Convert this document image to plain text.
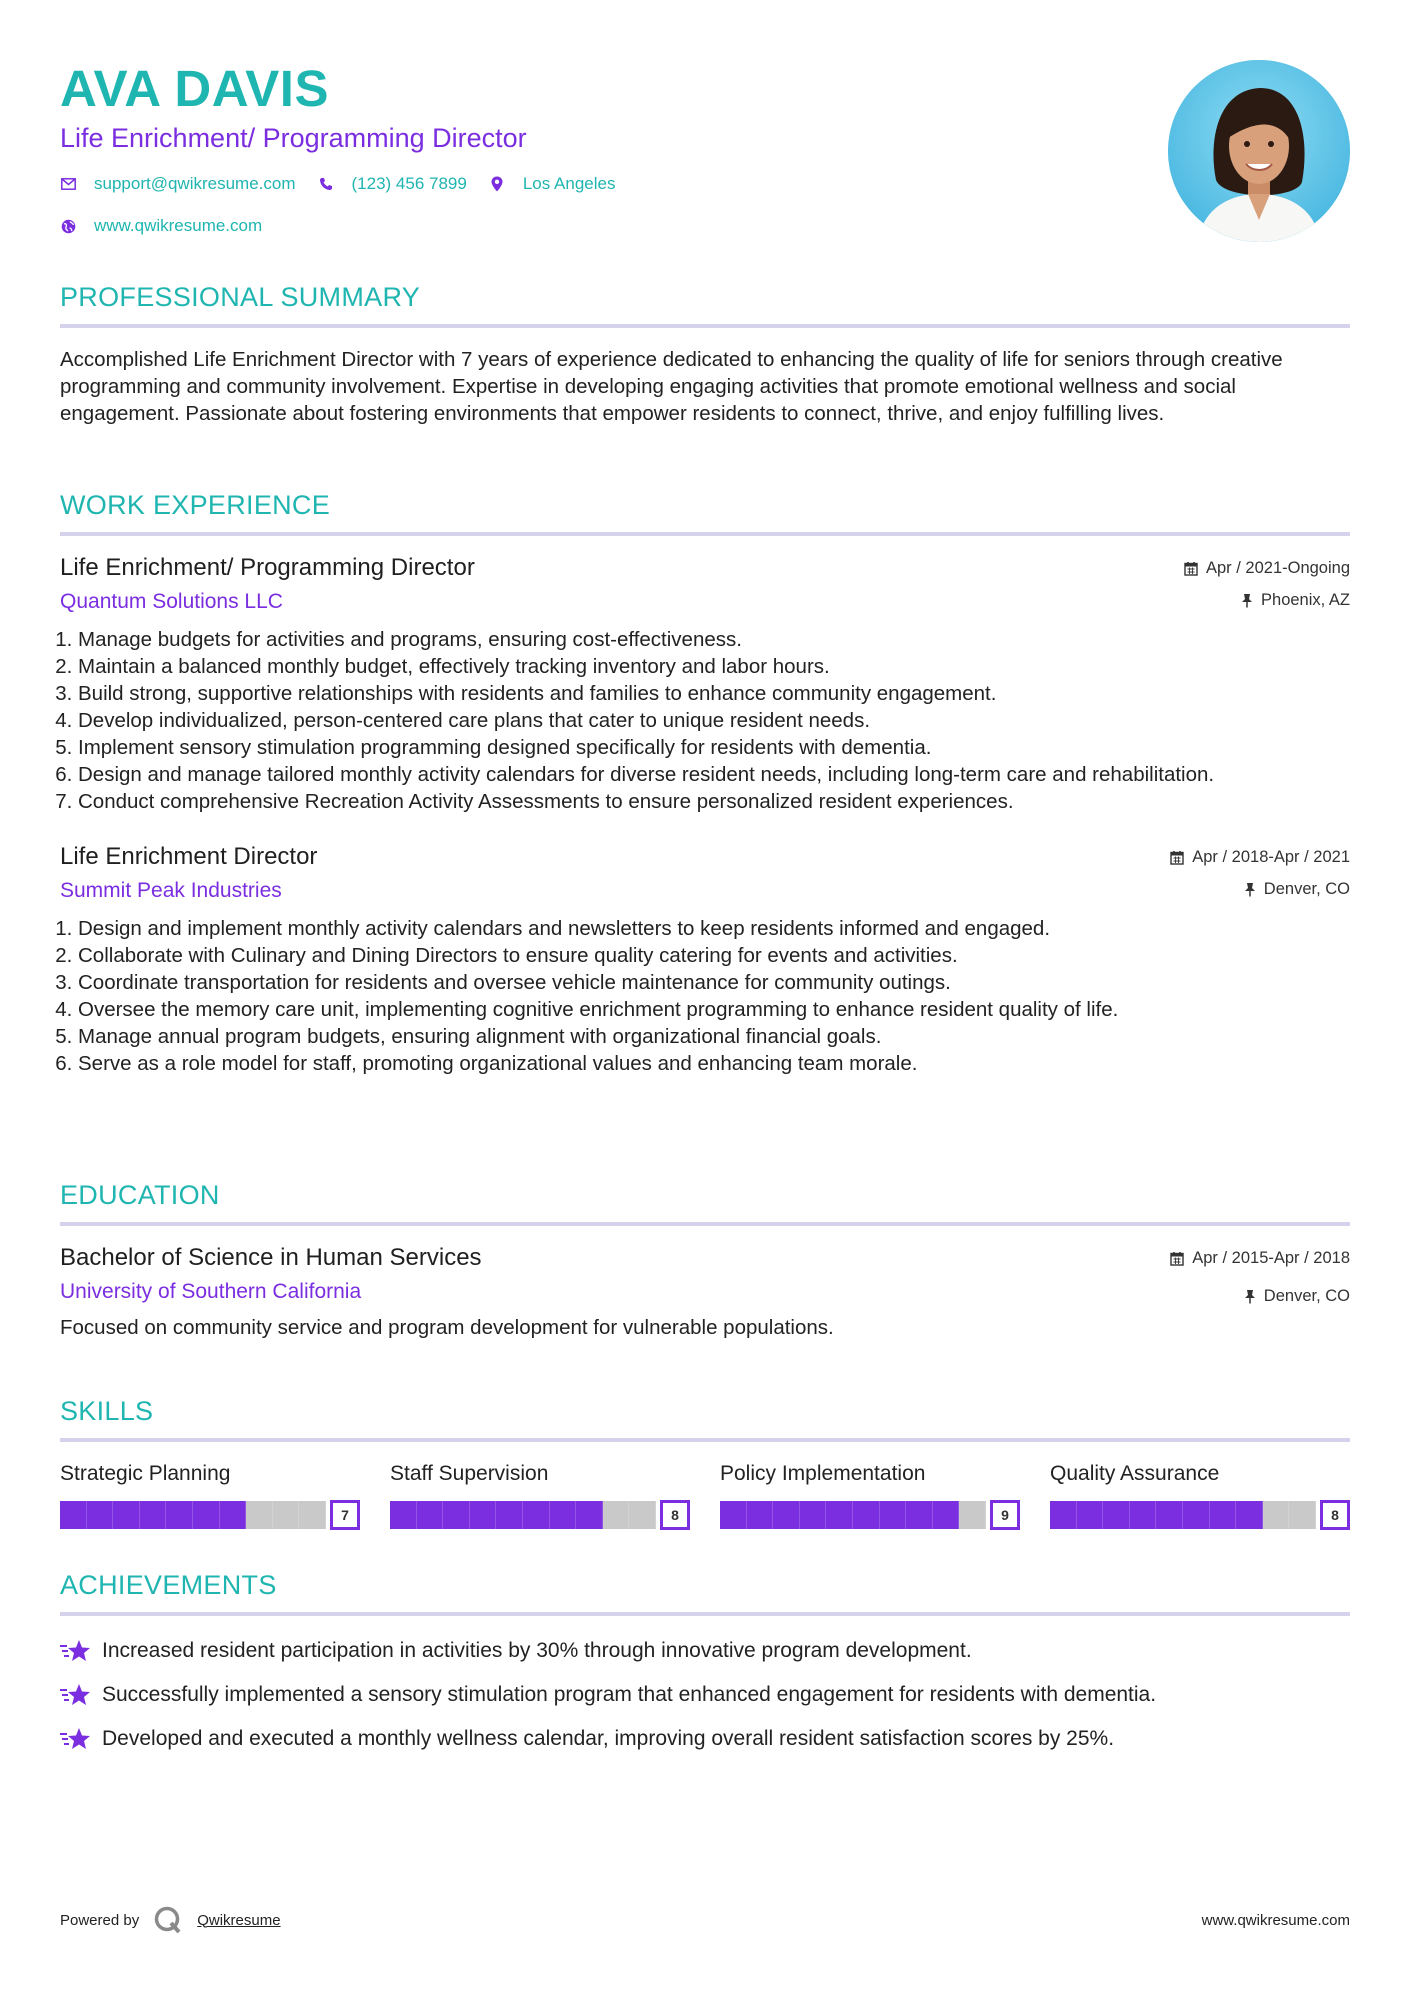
AVA DAVIS
Life Enrichment/ Programming Director
support@qwikresume.com	(123) 456 7899	Los Angeles
www.qwikresume.com
PROFESSIONAL SUMMARY
Accomplished Life Enrichment Director with 7 years of experience dedicated to enhancing the quality of life for seniors through creative programming and community involvement. Expertise in developing engaging activities that promote emotional wellness and social engagement. Passionate about fostering environments that empower residents to connect, thrive, and enjoy fulfilling lives.
WORK EXPERIENCE
Life Enrichment/ Programming Director
Quantum Solutions LLC
Apr / 2021-Ongoing
Phoenix, AZ
1. Manage budgets for activities and programs, ensuring cost-effectiveness.
2. Maintain a balanced monthly budget, effectively tracking inventory and labor hours.
3. Build strong, supportive relationships with residents and families to enhance community engagement.
4. Develop individualized, person-centered care plans that cater to unique resident needs.
5. Implement sensory stimulation programming designed specifically for residents with dementia.
6. Design and manage tailored monthly activity calendars for diverse resident needs, including long-term care and rehabilitation.
7. Conduct comprehensive Recreation Activity Assessments to ensure personalized resident experiences.
Life Enrichment Director
Summit Peak Industries
Apr / 2018-Apr / 2021
Denver, CO
1. Design and implement monthly activity calendars and newsletters to keep residents informed and engaged.
2. Collaborate with Culinary and Dining Directors to ensure quality catering for events and activities.
3. Coordinate transportation for residents and oversee vehicle maintenance for community outings.
4. Oversee the memory care unit, implementing cognitive enrichment programming to enhance resident quality of life.
5. Manage annual program budgets, ensuring alignment with organizational financial goals.
6. Serve as a role model for staff, promoting organizational values and enhancing team morale.
EDUCATION
Bachelor of Science in Human Services
University of Southern California
Apr / 2015-Apr / 2018
Denver, CO
Focused on community service and program development for vulnerable populations.
SKILLS
Strategic Planning
7
Staff Supervision
8
Policy Implementation
9
Quality Assurance
8
ACHIEVEMENTS
Increased resident participation in activities by 30% through innovative program development.
Successfully implemented a sensory stimulation program that enhanced engagement for residents with dementia.
Developed and executed a monthly wellness calendar, improving overall resident satisfaction scores by 25%.
Powered by	Qwikresume	www.qwikresume.com
